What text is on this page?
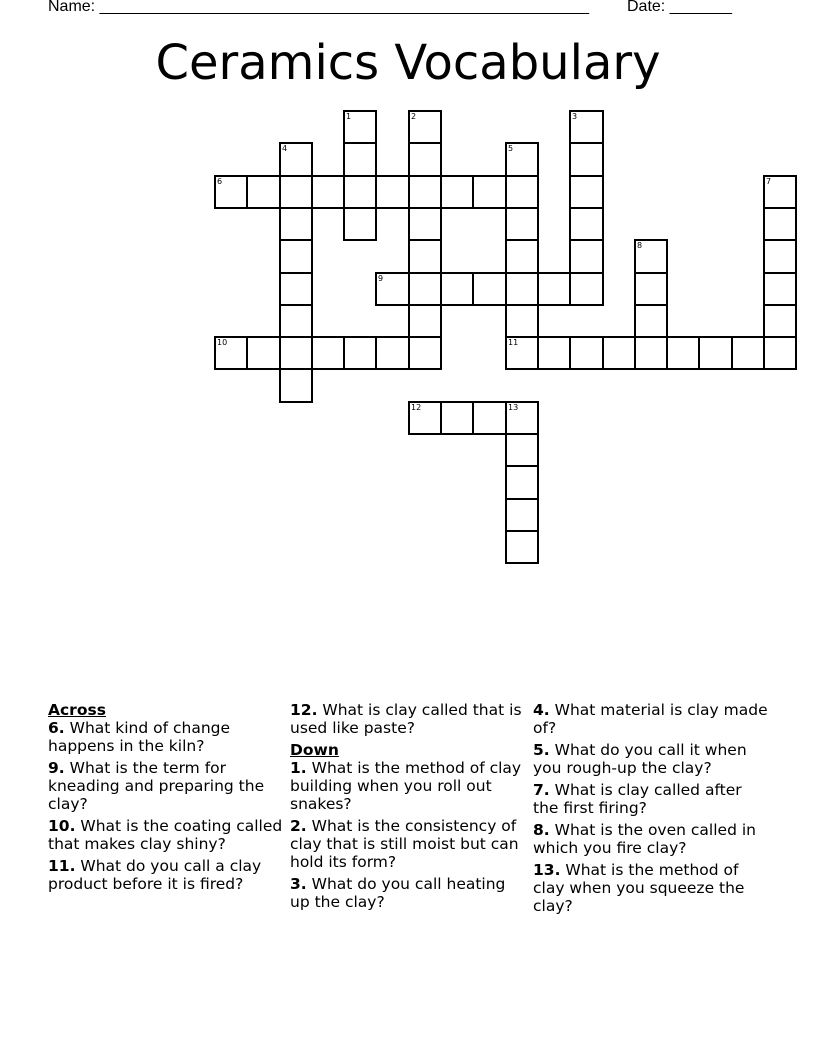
Name: _______________________________________________________ Date: _______
Ceramics Vocabulary
1	2	3
4	5
11
6	7
8
9
10
12	13
Across
6. What kind of change happens in the kiln?
9. What is the term for kneading and preparing the clay?
10. What is the coating called that makes clay shiny?
11. What do you call a clay product before it is fired?
12. What is clay called that is used like paste?
Down
1. What is the method of clay building when you roll out snakes?
2. What is the consistency of clay that is still moist but can hold its form?
3. What do you call heating up the clay?
4. What material is clay made of?
5. What do you call it when you rough-up the clay?
7. What is clay called after the first firing?
8. What is the oven called in which you fire clay?
13. What is the method of clay when you squeeze the clay?
